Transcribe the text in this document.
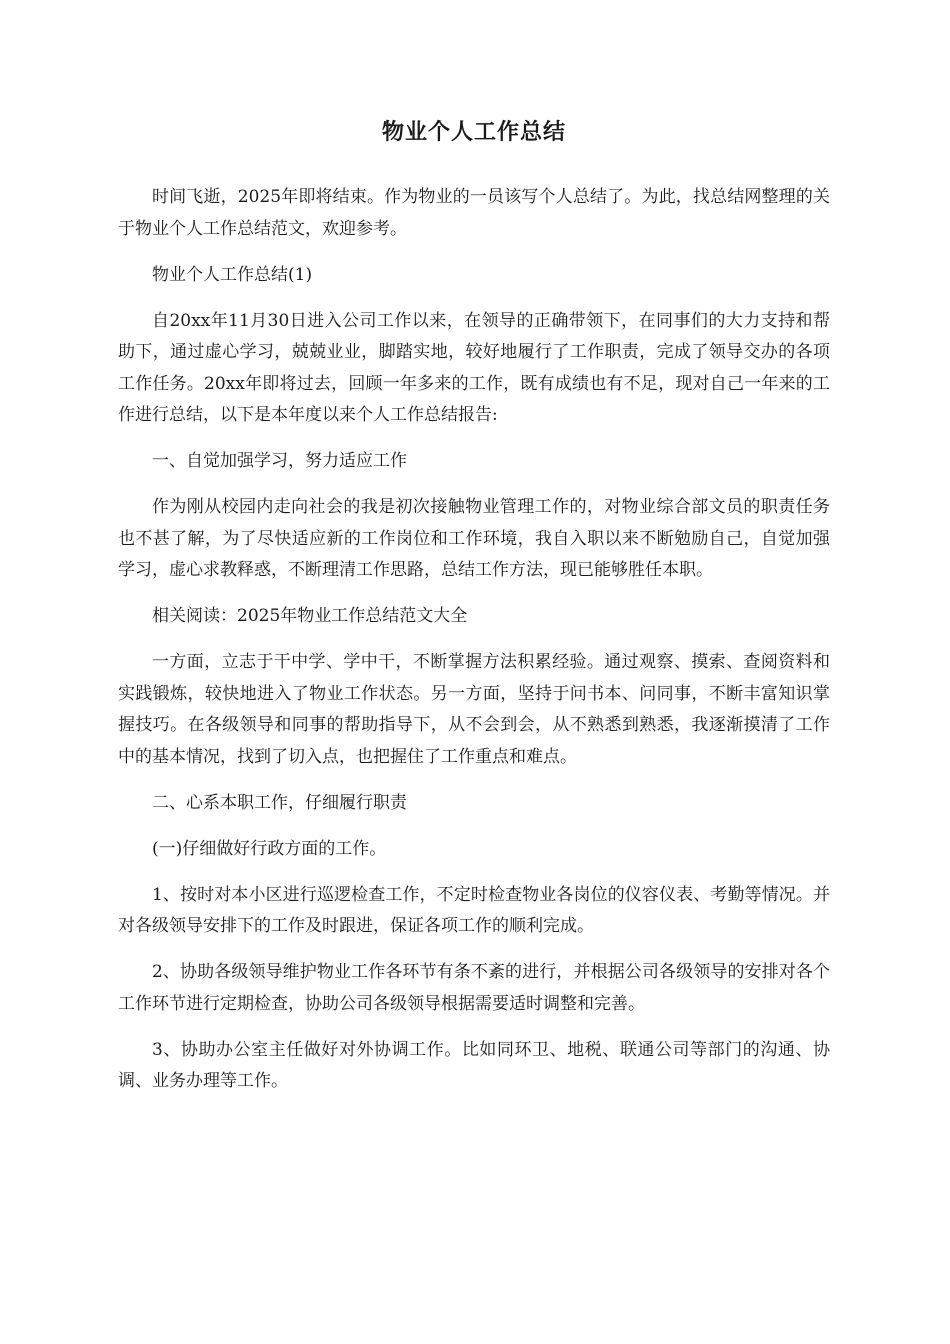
物业个人工作总结

时间飞逝，2025年即将结束。作为物业的一员该写个人总结了。为此，找总结网整理的关于物业个人工作总结范文，欢迎参考。

物业个人工作总结(1)

自20xx年11月30日进入公司工作以来，在领导的正确带领下，在同事们的大力支持和帮助下，通过虚心学习，兢兢业业，脚踏实地，较好地履行了工作职责，完成了领导交办的各项工作任务。20xx年即将过去，回顾一年多来的工作，既有成绩也有不足，现对自己一年来的工作进行总结，以下是本年度以来个人工作总结报告:

一、自觉加强学习，努力适应工作

作为刚从校园内走向社会的我是初次接触物业管理工作的，对物业综合部文员的职责任务也不甚了解，为了尽快适应新的工作岗位和工作环境，我自入职以来不断勉励自己，自觉加强学习，虚心求教释惑，不断理清工作思路，总结工作方法，现已能够胜任本职。

相关阅读：2025年物业工作总结范文大全

一方面，立志于干中学、学中干，不断掌握方法积累经验。通过观察、摸索、查阅资料和实践锻炼，较快地进入了物业工作状态。另一方面，坚持于问书本、问同事，不断丰富知识掌握技巧。在各级领导和同事的帮助指导下，从不会到会，从不熟悉到熟悉，我逐渐摸清了工作中的基本情况，找到了切入点，也把握住了工作重点和难点。

二、心系本职工作，仔细履行职责

(一)仔细做好行政方面的工作。

1、按时对本小区进行巡逻检查工作，不定时检查物业各岗位的仪容仪表、考勤等情况。并对各级领导安排下的工作及时跟进，保证各项工作的顺利完成。

2、协助各级领导维护物业工作各环节有条不紊的进行，并根据公司各级领导的安排对各个工作环节进行定期检查，协助公司各级领导根据需要适时调整和完善。

3、协助办公室主任做好对外协调工作。比如同环卫、地税、联通公司等部门的沟通、协调、业务办理等工作。
